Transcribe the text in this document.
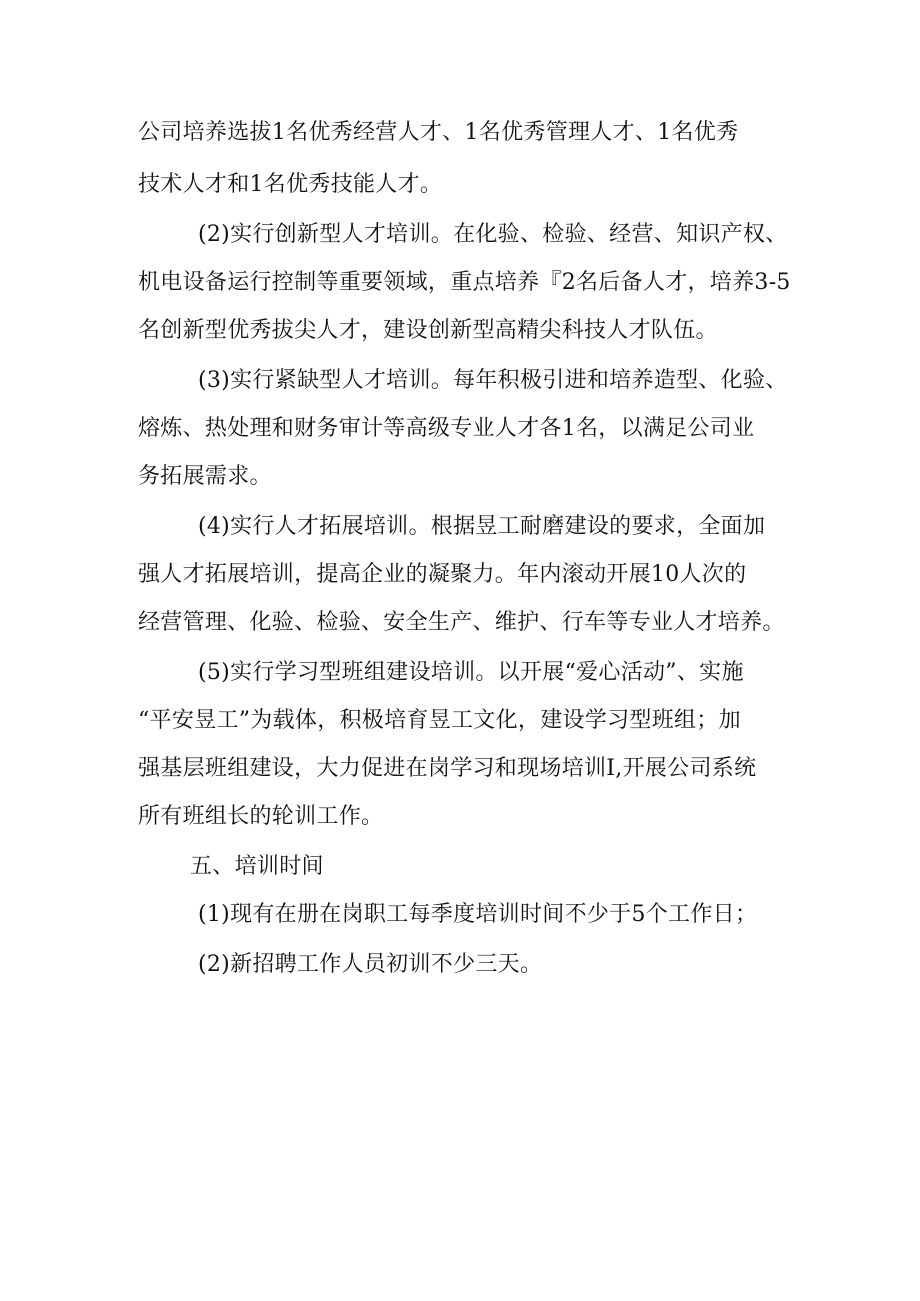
公司培养选拔1名优秀经营人才、1名优秀管理人才、1名优秀
技术人才和1名优秀技能人才。
(2)实行创新型人才培训。在化验、检验、经营、知识产权、
机电设备运行控制等重要领域，重点培养『2名后备人才，培养3-5
名创新型优秀拔尖人才，建设创新型高精尖科技人才队伍。
(3)实行紧缺型人才培训。每年积极引进和培养造型、化验、
熔炼、热处理和财务审计等高级专业人才各1名，以满足公司业
务拓展需求。
(4)实行人才拓展培训。根据昱工耐磨建设的要求，全面加
强人才拓展培训，提高企业的凝聚力。年内滚动开展10人次的
经营管理、化验、检验、安全生产、维护、行车等专业人才培养。
(5)实行学习型班组建设培训。以开展“爱心活动”、实施
“平安昱工”为载体，积极培育昱工文化，建设学习型班组；加
强基层班组建设，大力促进在岗学习和现场培训I,开展公司系统
所有班组长的轮训工作。
五、培训时间
(1)现有在册在岗职工每季度培训时间不少于5个工作日；
(2)新招聘工作人员初训不少三天。
